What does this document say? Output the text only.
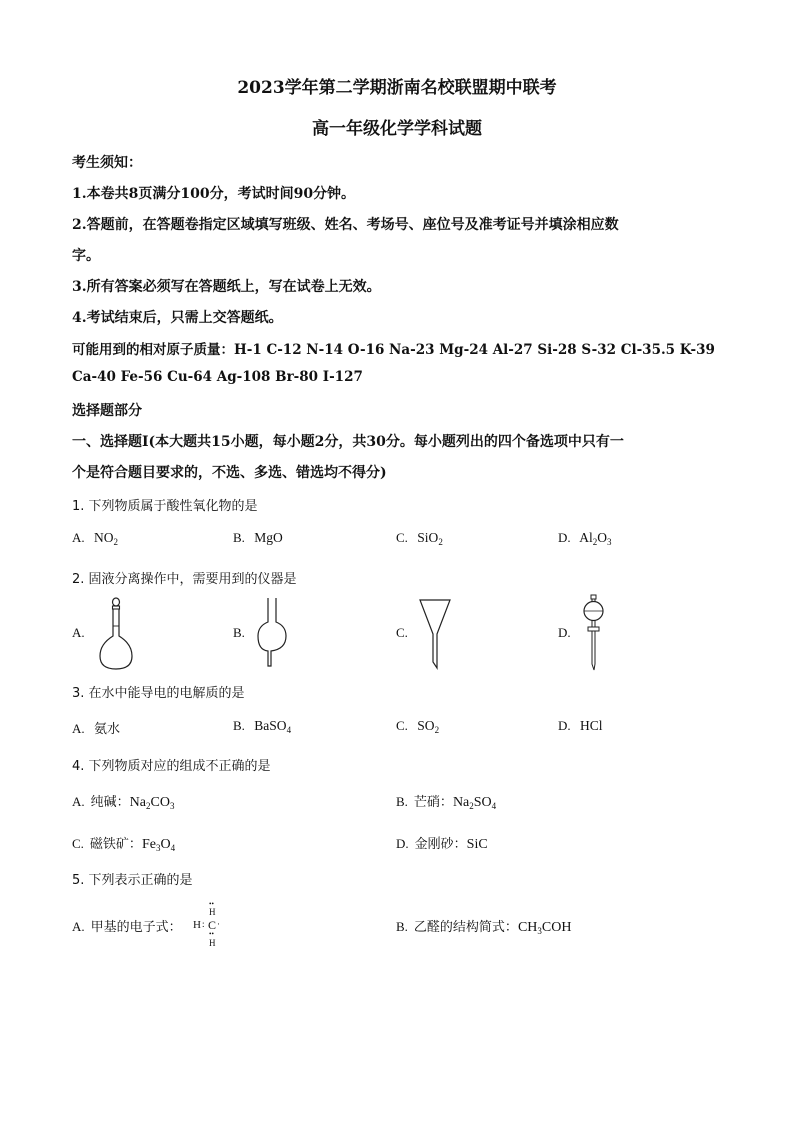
2023学年第二学期浙南名校联盟期中联考
高一年级化学学科试题
考生须知：
1.本卷共8页满分100分，考试时间90分钟。
2.答题前，在答题卷指定区域填写班级、姓名、考场号、座位号及准考证号并填涂相应数
字。
3.所有答案必须写在答题纸上，写在试卷上无效。
4.考试结束后，只需上交答题纸。
可能用到的相对原子质量：H-1 C-12 N-14 O-16 Na-23 Mg-24 Al-27 Si-28 S-32 Cl-35.5 K-39
Ca-40 Fe-56 Cu-64 Ag-108 Br-80 I-127
选择题部分
一、选择题I(本大题共15小题，每小题2分，共30分。每小题列出的四个备选项中只有一
个是符合题目要求的，不选、多选、错选均不得分)
1. 下列物质属于酸性氧化物的是
A. $NO_2$	B. MgO	C. SiO$_2$	D. $Al_2O_3$
2. 固液分离操作中，需要用到的仪器是
A.	B.	C.	D.
3. 在水中能导电的电解质的是
A. 氨水	B. BaSO$_4$	C. $SO_2$	D. HCl
4. 下列物质对应的组成不正确的是
A. 纯碱：$Na_2CO_3$	B. 芒硝：$Na_2SO_4$
C. 磁铁矿：$Fe_3O_4$	D. 金刚砂：SiC
5. 下列表示正确的是
A. 甲基的电子式：
••
H
H : C ·
••
H
B. 乙醛的结构简式：$CH_3COH$
